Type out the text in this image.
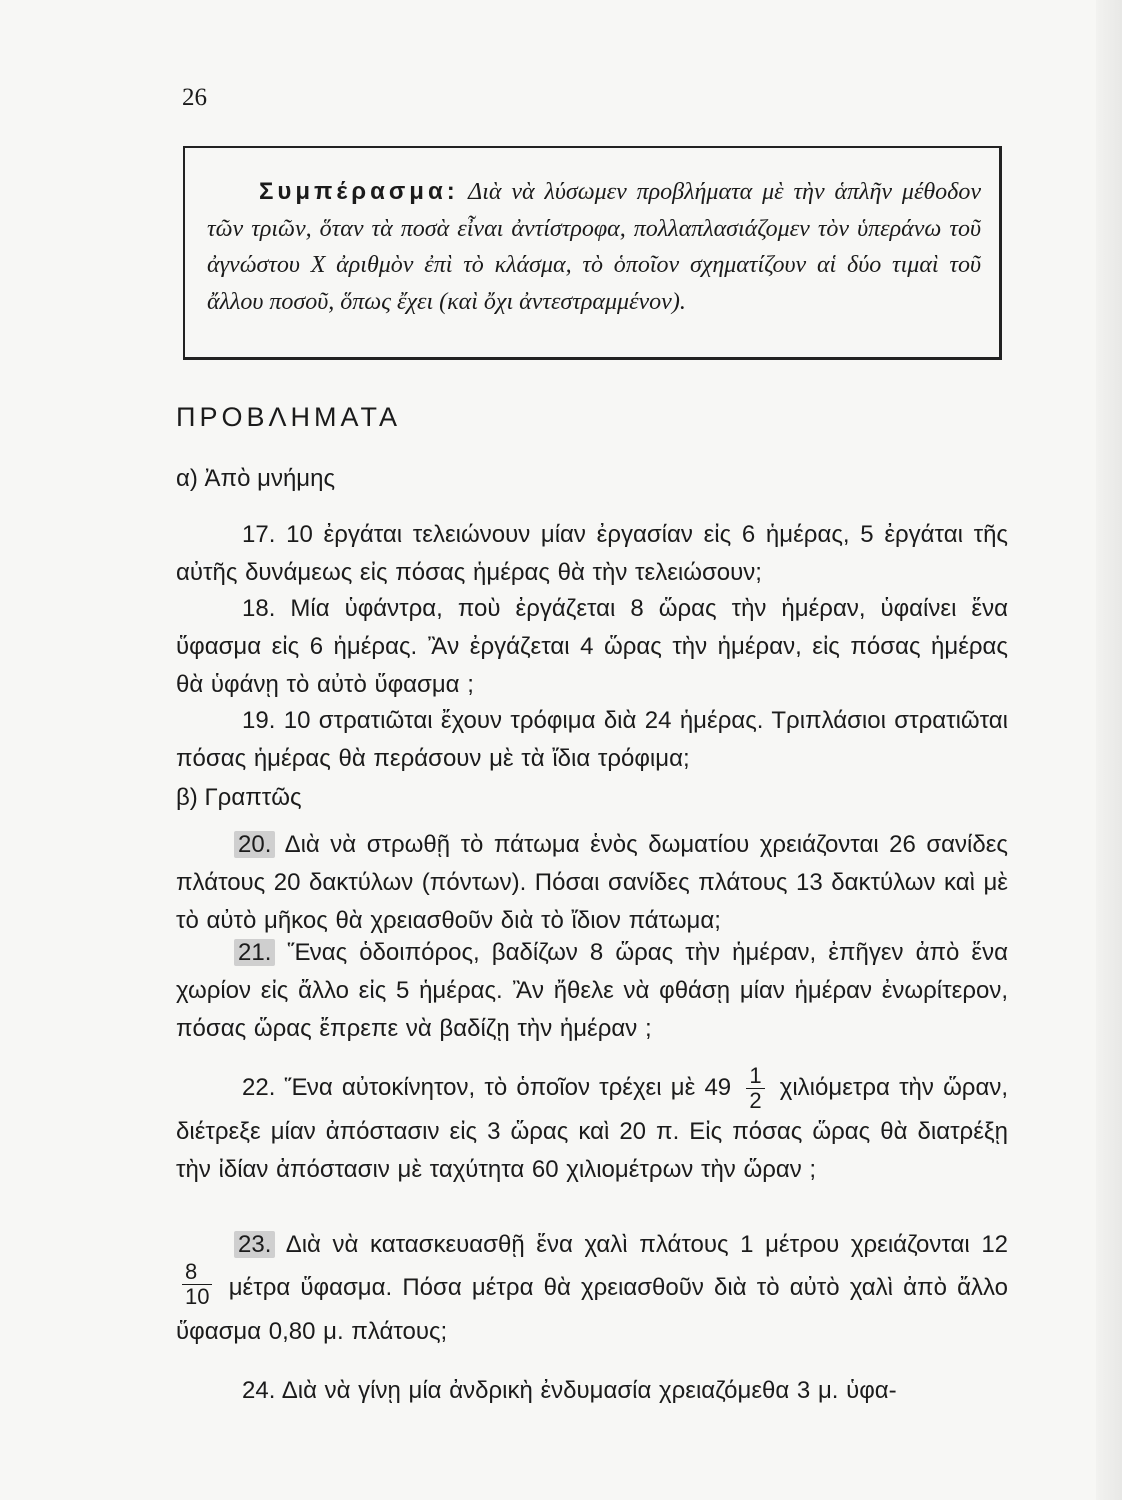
26
Συμπέρασμα: Διὰ νὰ λύσωμεν προβλήματα μὲ τὴν ἁπλῆν μέθοδον τῶν τριῶν, ὅταν τὰ ποσὰ εἶναι ἀντίστροφα, πολλαπλασιάζομεν τὸν ὑπεράνω τοῦ ἀγνώστου X ἀριθμὸν ἐπὶ τὸ κλάσμα, τὸ ὁποῖον σχηματίζουν αἱ δύο τιμαὶ τοῦ ἄλλου ποσοῦ, ὅπως ἔχει (καὶ ὄχι ἀντεστραμμένον).
ΠΡΟΒΛΗΜΑΤΑ
α) Ἀπὸ μνήμης
17. 10 ἐργάται τελειώνουν μίαν ἐργασίαν εἰς 6 ἡμέρας, 5 ἐργάται τῆς αὐτῆς δυνάμεως εἰς πόσας ἡμέρας θὰ τὴν τελειώσουν;
18. Μία ὑφάντρα, ποὺ ἐργάζεται 8 ὥρας τὴν ἡμέραν, ὑφαίνει ἕνα ὕφασμα εἰς 6 ἡμέρας. Ἂν ἐργάζεται 4 ὥρας τὴν ἡμέραν, εἰς πόσας ἡμέρας θὰ ὑφάνῃ τὸ αὐτὸ ὕφασμα ;
19. 10 στρατιῶται ἔχουν τρόφιμα διὰ 24 ἡμέρας. Τριπλάσιοι στρατιῶται πόσας ἡμέρας θὰ περάσουν μὲ τὰ ἴδια τρόφιμα;
β) Γραπτῶς
20. Διὰ νὰ στρωθῇ τὸ πάτωμα ἑνὸς δωματίου χρειάζονται 26 σανίδες πλάτους 20 δακτύλων (πόντων). Πόσαι σανίδες πλάτους 13 δακτύλων καὶ μὲ τὸ αὐτὸ μῆκος θὰ χρειασθοῦν διὰ τὸ ἴδιον πάτωμα;
21. Ἕνας ὁδοιπόρος, βαδίζων 8 ὥρας τὴν ἡμέραν, ἐπῆγεν ἀπὸ ἕνα χωρίον εἰς ἄλλο εἰς 5 ἡμέρας. Ἂν ἤθελε νὰ φθάσῃ μίαν ἡμέραν ἐνωρίτερον, πόσας ὥρας ἔπρεπε νὰ βαδίζῃ τὴν ἡμέραν ;
22. Ἕνα αὐτοκίνητον, τὸ ὁποῖον τρέχει μὲ $49 \frac{1}{2}$ χιλιόμετρα τὴν ὥραν, διέτρεξε μίαν ἀπόστασιν εἰς 3 ὥρας καὶ 20 π. Εἰς πόσας ὥρας θὰ διατρέξῃ τὴν ἰδίαν ἀπόστασιν μὲ ταχύτητα 60 χιλιομέτρων τὴν ὥραν ;
23. Διὰ νὰ κατασκευασθῇ ἕνα χαλὶ πλάτους 1 μέτρου χρειάζονται 12
$\frac{8}{10}$ μέτρα ὕφασμα. Πόσα μέτρα θὰ χρειασθοῦν διὰ τὸ αὐτὸ χαλὶ ἀπὸ ἄλλο ὕφασμα 0,80 μ. πλάτους;
24. Διὰ νὰ γίνῃ μία ἀνδρικὴ ἐνδυμασία χρειαζόμεθα 3 μ. ὑφα-
